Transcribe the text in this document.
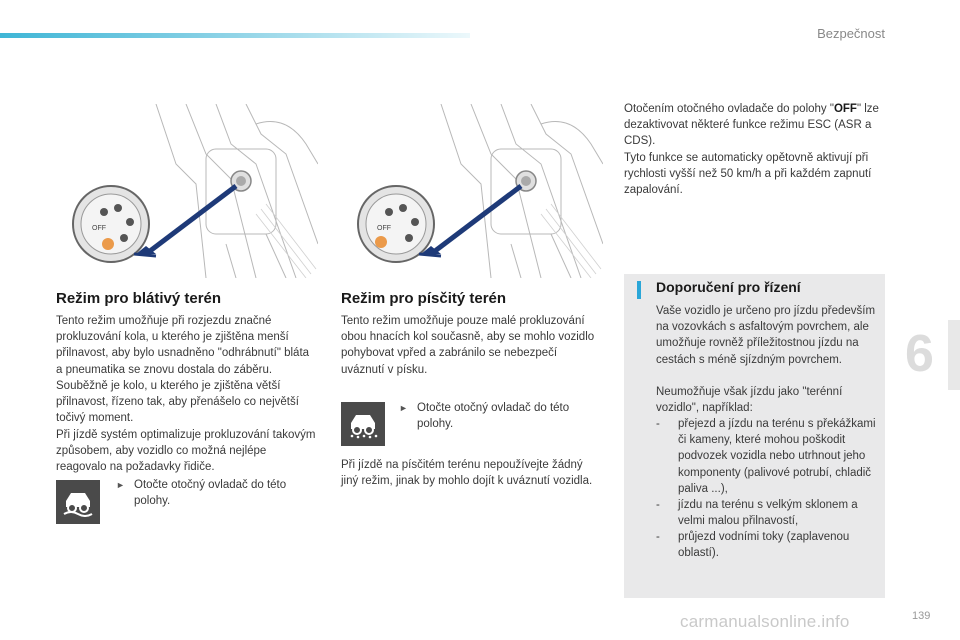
Bezpečnost
6
OFF	OFF
Režim pro blátivý terén

Tento režim umožňuje při rozjezdu značné prokluzování kola, u kterého je zjištěna menší přilnavost, aby bylo usnadněno "odhrábnutí" bláta a pneumatika se znovu dostala do záběru. Souběžně je kolo, u kterého je zjištěna větší přilnavost, řízeno tak, aby přenášelo co největší točivý moment.

Při jízdě systém optimalizuje prokluzování takovým způsobem, aby vozidlo co možná nejlépe reagovalo na požadavky řidiče.

► Otočte otočný ovladač do této polohy.
Režim pro písčitý terén

Tento režim umožňuje pouze malé prokluzování obou hnacích kol současně, aby se mohlo vozidlo pohybovat vpřed a zabránilo se nebezpečí uváznutí v písku.

► Otočte otočný ovladač do této polohy.

Při jízdě na písčitém terénu nepoužívejte žádný jiný režim, jinak by mohlo dojít k uváznutí vozidla.

Otočením otočného ovladače do polohy "OFF" lze dezaktivovat některé funkce režimu ESC (ASR a CDS).

Tyto funkce se automaticky opětovně aktivují při rychlosti vyšší než 50 km/h a při každém zapnutí zapalování.

Doporučení pro řízení

Vaše vozidlo je určeno pro jízdu především na vozovkách s asfaltovým povrchem, ale umožňuje rovněž příležitostnou jízdu na cestách s méně sjízdným povrchem.

Neumožňuje však jízdu jako "terénní vozidlo", například:

- přejezd a jízdu na terénu s překážkami či kameny, které mohou poškodit podvozek vozidla nebo utrhnout jeho komponenty (palivové potrubí, chladič paliva ...),
- jízdu na terénu s velkým sklonem a velmi malou přilnavostí,
- průjezd vodními toky (zaplavenou oblastí).
carmanualsonline.info	139
